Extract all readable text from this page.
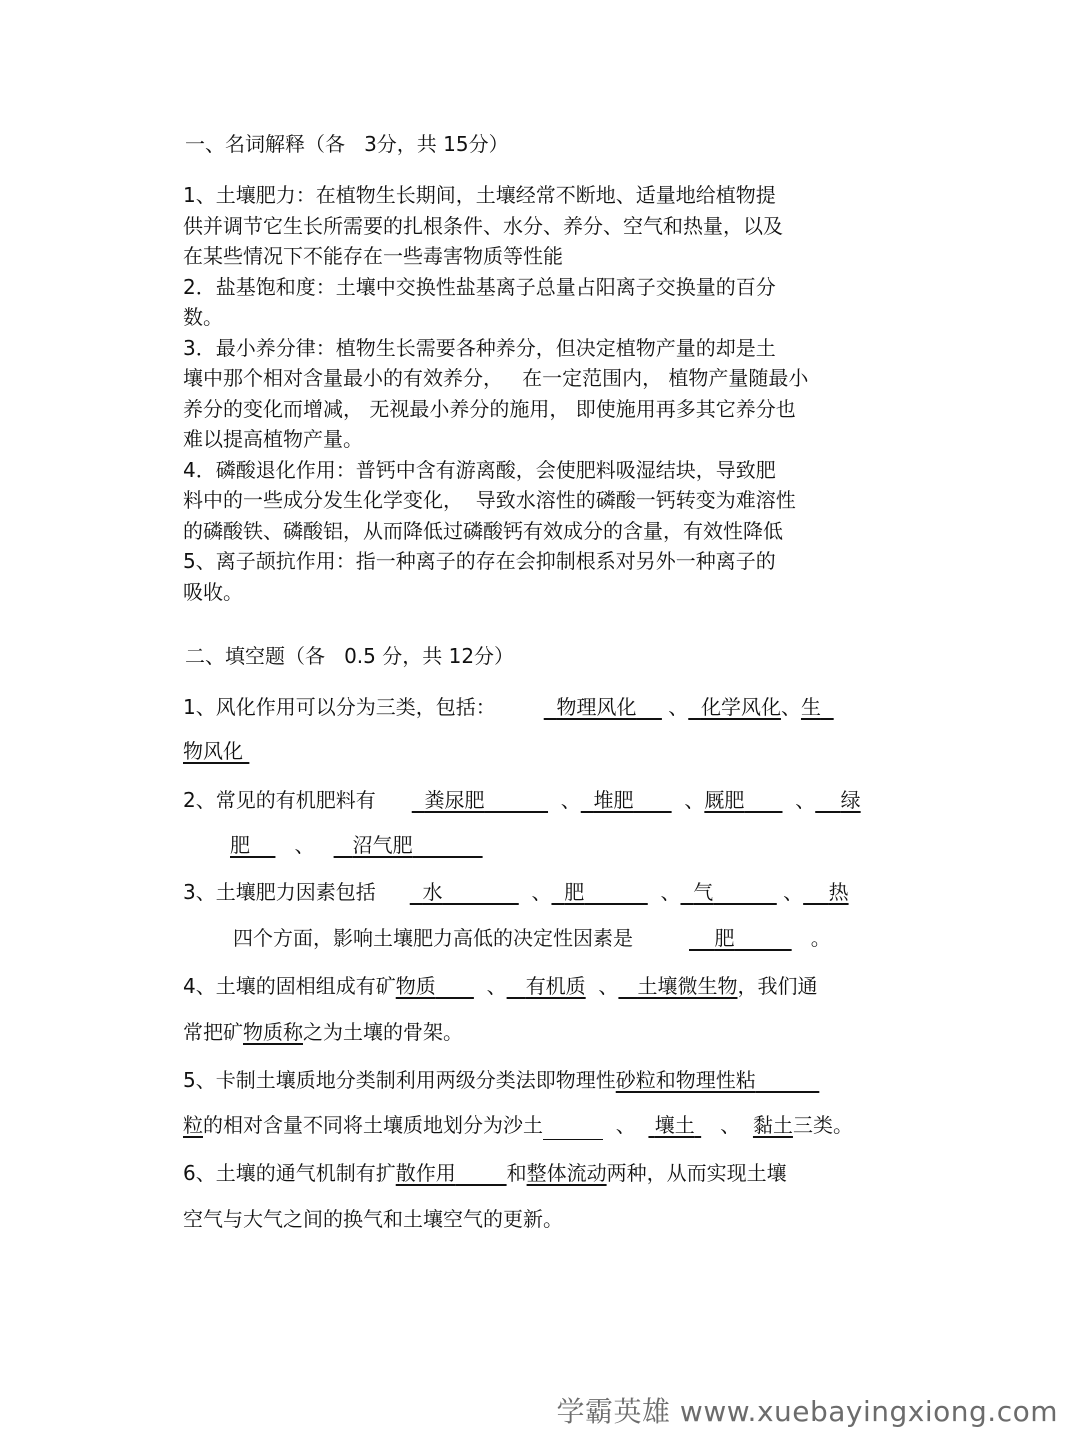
一、名词解释（各   3分，共 15分）
1、土壤肥力：在植物生长期间，土壤经常不断地、适量地给植物提
供并调节它生长所需要的扎根条件、水分、养分、空气和热量，以及
在某些情况下不能存在一些毒害物质等性能
2．盐基饱和度：土壤中交换性盐基离子总量占阳离子交换量的百分
数。
3．最小养分律：植物生长需要各种养分，但决定植物产量的却是土
壤中那个相对含量最小的有效养分，   在一定范围内， 植物产量随最小
养分的变化而增减， 无视最小养分的施用， 即使施用再多其它养分也
难以提高植物产量。
4．磷酸退化作用：普钙中含有游离酸，会使肥料吸湿结块，导致肥
料中的一些成分发生化学变化，  导致水溶性的磷酸一钙转变为难溶性
的磷酸铁、磷酸铝，从而降低过磷酸钙有效成分的含量，有效性降低
5、离子颉抗作用：指一种离子的存在会抑制根系对另外一种离子的
吸收。
二、填空题（各   0.5 分，共 12分）
1、风化作用可以分为三类，包括：	物理风化 、 化学风化、生
物风化
2、常见的有机肥料有 粪尿肥	、 堆肥	、厩肥	、 绿
肥 、 沼气肥
3、土壤肥力因素包括 水	、 肥	、 气	、 热
四个方面，影响土壤肥力高低的决定性因素是	肥	。
4、土壤的固相组成有矿物质	、 有机质 、 土壤微生物，我们通
常把矿物质称之为土壤的骨架。
5、卡制土壤质地分类制利用两级分类法即物理性砂粒和物理性粘
粒的相对含量不同将土壤质地划分为沙土	、 壤土 、 黏土三类。
6、土壤的通气机制有扩散作用	和整体流动两种，从而实现土壤
空气与大气之间的换气和土壤空气的更新。
学霸英雄 www.xuebayingxiong.com
